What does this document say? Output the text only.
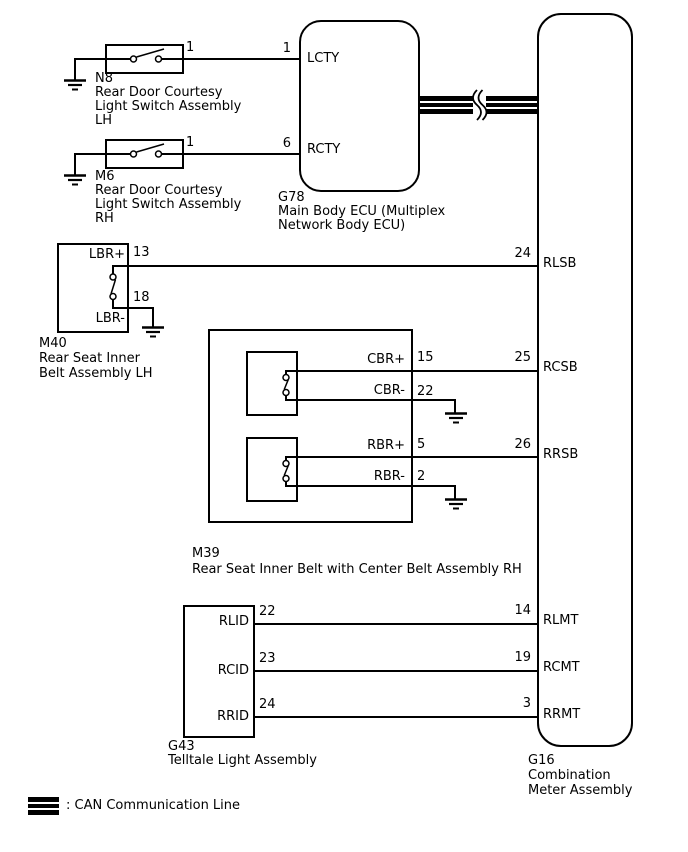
1	1
LCTY
1	6 RCTY
LBR+ 13
18
LBR-
CBR+ 15
CBR- 22
RBR+ 5
RBR- 2
RLID
22
RCID
23
RRID
24
24
RLSB
25
RCSB
26
RRSB
14
RLMT
19
RCMT
3
RRMT
N8
Rear Door Courtesy
Light Switch Assembly
LH
M6
Rear Door Courtesy
Light Switch Assembly
RH
G78
Main Body ECU (Multiplex
Network Body ECU)
M40
Rear Seat Inner
Belt Assembly LH
M39
Rear Seat Inner Belt with Center Belt Assembly RH
G43
Telltale Light Assembly	G16
Combination
Meter Assembly
: CAN Communication Line
